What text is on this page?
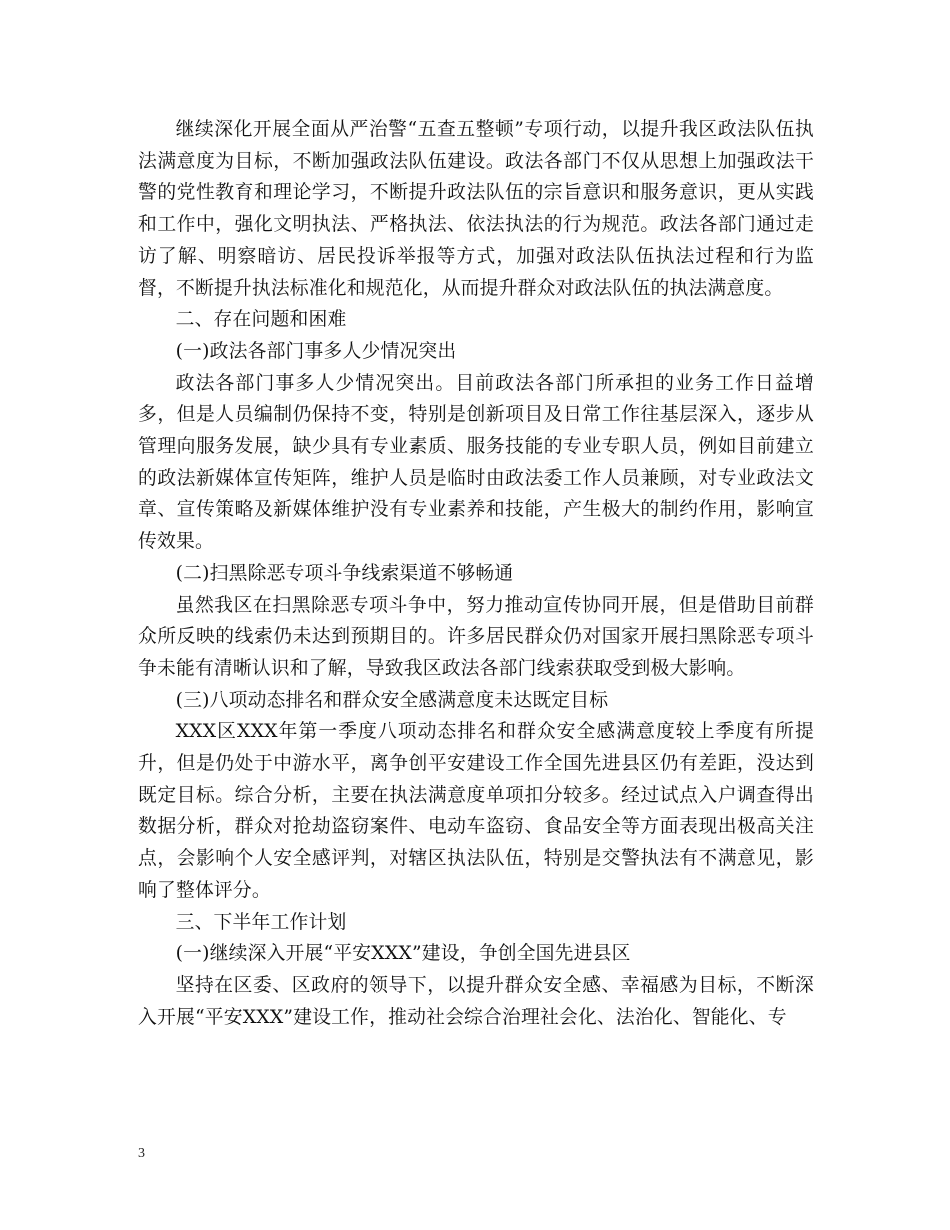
继续深化开展全面从严治警“五查五整顿”专项行动，以提升我区政法队伍执法满意度为目标，不断加强政法队伍建设。政法各部门不仅从思想上加强政法干警的党性教育和理论学习，不断提升政法队伍的宗旨意识和服务意识，更从实践和工作中，强化文明执法、严格执法、依法执法的行为规范。政法各部门通过走访了解、明察暗访、居民投诉举报等方式，加强对政法队伍执法过程和行为监督，不断提升执法标准化和规范化，从而提升群众对政法队伍的执法满意度。

二、存在问题和困难

(一)政法各部门事多人少情况突出

政法各部门事多人少情况突出。目前政法各部门所承担的业务工作日益增多，但是人员编制仍保持不变，特别是创新项目及日常工作往基层深入，逐步从管理向服务发展，缺少具有专业素质、服务技能的专业专职人员，例如目前建立的政法新媒体宣传矩阵，维护人员是临时由政法委工作人员兼顾，对专业政法文章、宣传策略及新媒体维护没有专业素养和技能，产生极大的制约作用，影响宣传效果。

(二)扫黑除恶专项斗争线索渠道不够畅通

虽然我区在扫黑除恶专项斗争中，努力推动宣传协同开展，但是借助目前群众所反映的线索仍未达到预期目的。许多居民群众仍对国家开展扫黑除恶专项斗争未能有清晰认识和了解，导致我区政法各部门线索获取受到极大影响。

(三)八项动态排名和群众安全感满意度未达既定目标

XXX区XXX年第一季度八项动态排名和群众安全感满意度较上季度有所提升，但是仍处于中游水平，离争创平安建设工作全国先进县区仍有差距，没达到既定目标。综合分析，主要在执法满意度单项扣分较多。经过试点入户调查得出数据分析，群众对抢劫盗窃案件、电动车盗窃、食品安全等方面表现出极高关注点，会影响个人安全感评判，对辖区执法队伍，特别是交警执法有不满意见，影响了整体评分。

三、下半年工作计划

(一)继续深入开展“平安XXX”建设，争创全国先进县区

坚持在区委、区政府的领导下，以提升群众安全感、幸福感为目标，不断深入开展“平安XXX”建设工作，推动社会综合治理社会化、法治化、智能化、专

3
